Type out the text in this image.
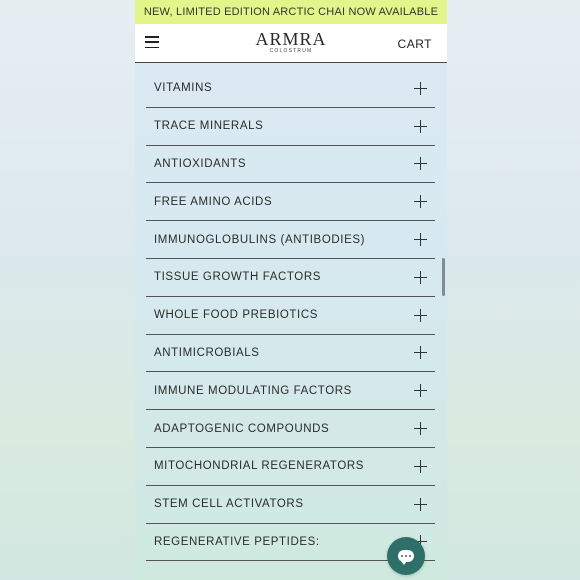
NEW, LIMITED EDITION ARCTIC CHAI NOW AVAILABLE
ARMRA
COLOSTRUM	CART
VITAMINS
TRACE MINERALS
ANTIOXIDANTS
FREE AMINO ACIDS
IMMUNOGLOBULINS (ANTIBODIES)
TISSUE GROWTH FACTORS
WHOLE FOOD PREBIOTICS
ANTIMICROBIALS
IMMUNE MODULATING FACTORS
ADAPTOGENIC COMPOUNDS
MITOCHONDRIAL REGENERATORS
STEM CELL ACTIVATORS
REGENERATIVE PEPTIDES:
